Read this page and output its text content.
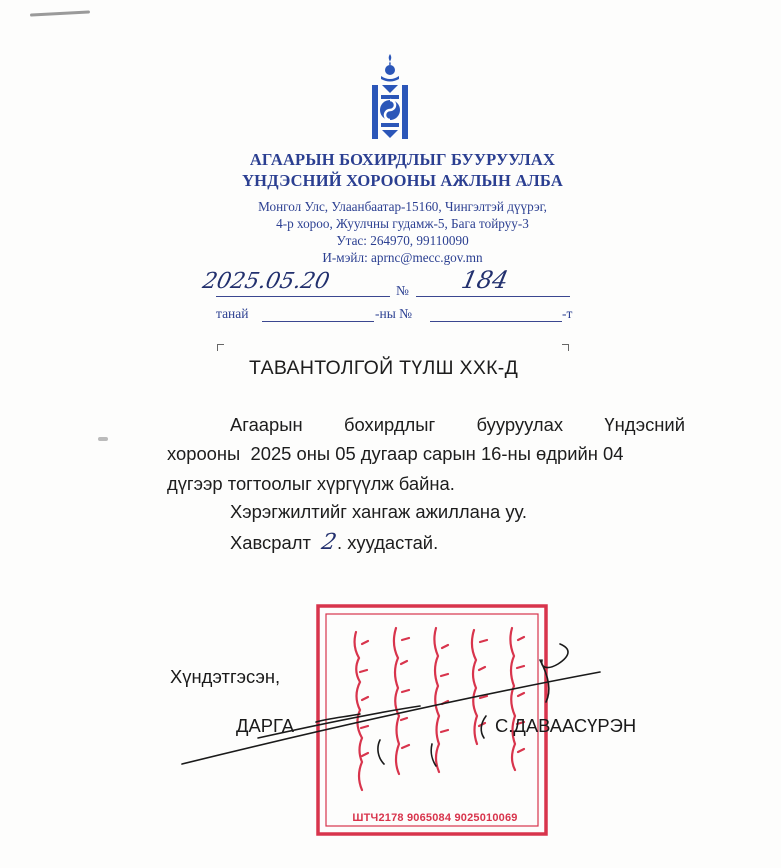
АГААРЫН БОХИРДЛЫГ БУУРУУЛАХ
ҮНДЭСНИЙ ХОРООНЫ АЖЛЫН АЛБА
Монгол Улс, Улаанбаатар-15160, Чингэлтэй дүүрэг,
4-р хороо, Жуулчны гудамж-5, Бага тойруу-3
Утас: 264970, 99110090
И-мэйл: aprnc@mecc.gov.mn
2025.05.20	№ 184
танай	-ны №	-т
ТАВАНТОЛГОЙ ТҮЛШ ХХК-Д
Агаарын бохирдлыг бууруулах Үндэсний
хорооны  2025 оны 05 дугаар сарын 16-ны өдрийн 04
дүгээр тогтоолыг хүргүүлж байна.
Хэрэгжилтийг хангаж ажиллана уу.
Хавсралт 2. хуудастай.
ШТЧ2178 9065084 9025010069
Хүндэтгэсэн,
ДАРГА	С.ДАВААСҮРЭН
